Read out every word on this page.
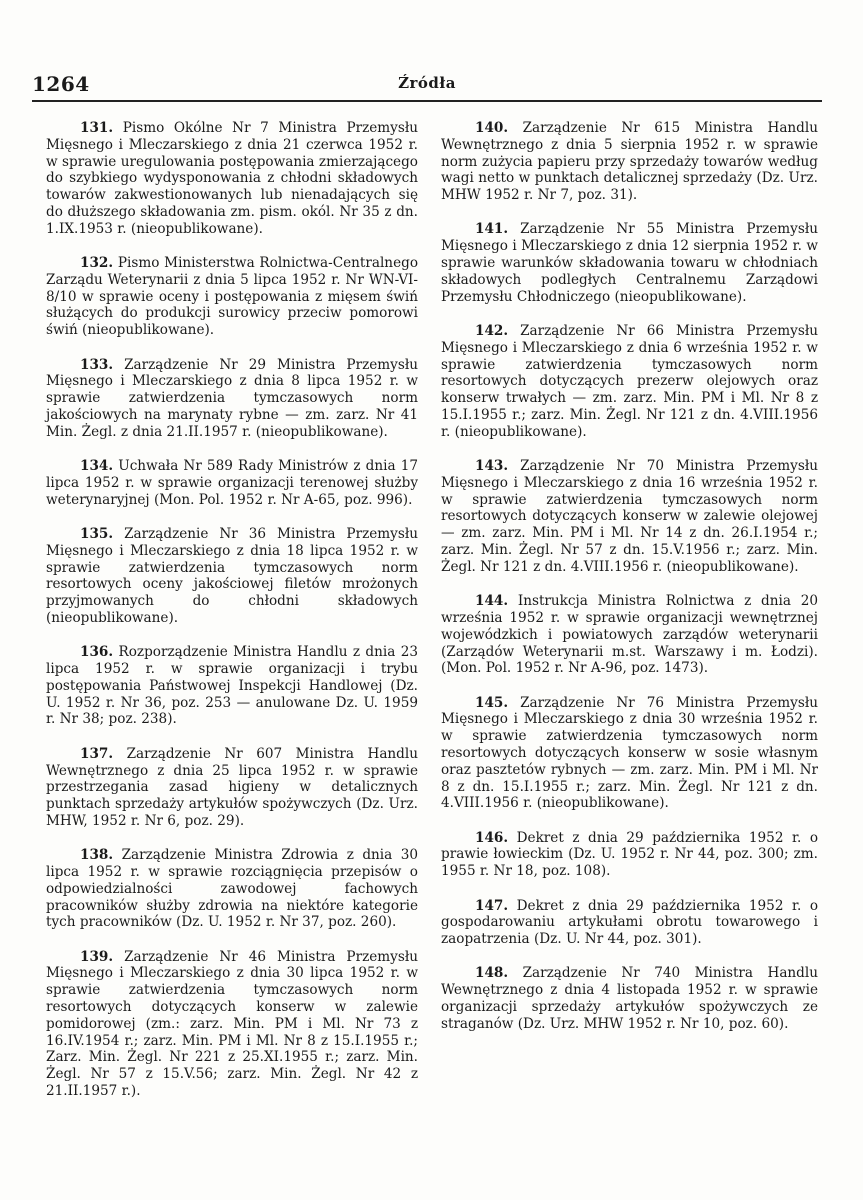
1264	Źródła

131. Pismo Okólne Nr 7 Ministra Przemysłu Mięsnego i Mleczarskiego z dnia 21 czerwca 1952 r. w sprawie uregulowania postępowania zmierzającego do szybkiego wydysponowania z chłodni składowych towarów zakwestionowanych lub nienadających się do dłuższego składowania zm. pism. okól. Nr 35 z dn. 1.IX.1953 r. (nieopublikowane).

132. Pismo Ministerstwa Rolnictwa-Centralnego Zarządu Weterynarii z dnia 5 lipca 1952 r. Nr WN-VI-8/10 w sprawie oceny i postępowania z mięsem świń służących do produkcji surowicy przeciw pomorowi świń (nieopublikowane).

133. Zarządzenie Nr 29 Ministra Przemysłu Mięsnego i Mleczarskiego z dnia 8 lipca 1952 r. w sprawie zatwierdzenia tymczasowych norm jakościowych na marynaty rybne — zm. zarz. Nr 41 Min. Żegl. z dnia 21.II.1957 r. (nieopublikowane).

134. Uchwała Nr 589 Rady Ministrów z dnia 17 lipca 1952 r. w sprawie organizacji terenowej służby weterynaryjnej (Mon. Pol. 1952 r. Nr A-65, poz. 996).

135. Zarządzenie Nr 36 Ministra Przemysłu Mięsnego i Mleczarskiego z dnia 18 lipca 1952 r. w sprawie zatwierdzenia tymczasowych norm resortowych oceny jakościowej filetów mrożonych przyjmowanych do chłodni składowych (nieopublikowane).

136. Rozporządzenie Ministra Handlu z dnia 23 lipca 1952 r. w sprawie organizacji i trybu postępowania Państwowej Inspekcji Handlowej (Dz. U. 1952 r. Nr 36, poz. 253 — anulowane Dz. U. 1959 r. Nr 38; poz. 238).

137. Zarządzenie Nr 607 Ministra Handlu Wewnętrznego z dnia 25 lipca 1952 r. w sprawie przestrzegania zasad higieny w detalicznych punktach sprzedaży artykułów spożywczych (Dz. Urz. MHW, 1952 r. Nr 6, poz. 29).

138. Zarządzenie Ministra Zdrowia z dnia 30 lipca 1952 r. w sprawie rozciągnięcia przepisów o odpowiedzialności zawodowej fachowych pracowników służby zdrowia na niektóre kategorie tych pracowników (Dz. U. 1952 r. Nr 37, poz. 260).

139. Zarządzenie Nr 46 Ministra Przemysłu Mięsnego i Mleczarskiego z dnia 30 lipca 1952 r. w sprawie zatwierdzenia tymczasowych norm resortowych dotyczących konserw w zalewie pomidorowej (zm.: zarz. Min. PM i Ml. Nr 73 z 16.IV.1954 r.; zarz. Min. PM i Ml. Nr 8 z 15.I.1955 r.; Zarz. Min. Żegl. Nr 221 z 25.XI.1955 r.; zarz. Min. Żegl. Nr 57 z 15.V.56; zarz. Min. Żegl. Nr 42 z 21.II.1957 r.).

140. Zarządzenie Nr 615 Ministra Handlu Wewnętrznego z dnia 5 sierpnia 1952 r. w sprawie norm zużycia papieru przy sprzedaży towarów według wagi netto w punktach detalicznej sprzedaży (Dz. Urz. MHW 1952 r. Nr 7, poz. 31).

141. Zarządzenie Nr 55 Ministra Przemysłu Mięsnego i Mleczarskiego z dnia 12 sierpnia 1952 r. w sprawie warunków składowania towaru w chłodniach składowych podległych Centralnemu Zarządowi Przemysłu Chłodniczego (nieopublikowane).

142. Zarządzenie Nr 66 Ministra Przemysłu Mięsnego i Mleczarskiego z dnia 6 września 1952 r. w sprawie zatwierdzenia tymczasowych norm resortowych dotyczących prezerw olejowych oraz konserw trwałych — zm. zarz. Min. PM i Ml. Nr 8 z 15.I.1955 r.; zarz. Min. Żegl. Nr 121 z dn. 4.VIII.1956 r. (nieopublikowane).

143. Zarządzenie Nr 70 Ministra Przemysłu Mięsnego i Mleczarskiego z dnia 16 września 1952 r. w sprawie zatwierdzenia tymczasowych norm resortowych dotyczących konserw w zalewie olejowej — zm. zarz. Min. PM i Ml. Nr 14 z dn. 26.I.1954 r.; zarz. Min. Żegl. Nr 57 z dn. 15.V.1956 r.; zarz. Min. Żegl. Nr 121 z dn. 4.VIII.1956 r. (nieopublikowane).

144. Instrukcja Ministra Rolnictwa z dnia 20 września 1952 r. w sprawie organizacji wewnętrznej wojewódzkich i powiatowych zarządów weterynarii (Zarządów Weterynarii m.st. Warszawy i m. Łodzi). (Mon. Pol. 1952 r. Nr A-96, poz. 1473).

145. Zarządzenie Nr 76 Ministra Przemysłu Mięsnego i Mleczarskiego z dnia 30 września 1952 r. w sprawie zatwierdzenia tymczasowych norm resortowych dotyczących konserw w sosie własnym oraz pasztetów rybnych — zm. zarz. Min. PM i Ml. Nr 8 z dn. 15.I.1955 r.; zarz. Min. Żegl. Nr 121 z dn. 4.VIII.1956 r. (nieopublikowane).

146. Dekret z dnia 29 października 1952 r. o prawie łowieckim (Dz. U. 1952 r. Nr 44, poz. 300; zm. 1955 r. Nr 18, poz. 108).

147. Dekret z dnia 29 października 1952 r. o gospodarowaniu artykułami obrotu towarowego i zaopatrzenia (Dz. U. Nr 44, poz. 301).

148. Zarządzenie Nr 740 Ministra Handlu Wewnętrznego z dnia 4 listopada 1952 r. w sprawie organizacji sprzedaży artykułów spożywczych ze straganów (Dz. Urz. MHW 1952 r. Nr 10, poz. 60).
